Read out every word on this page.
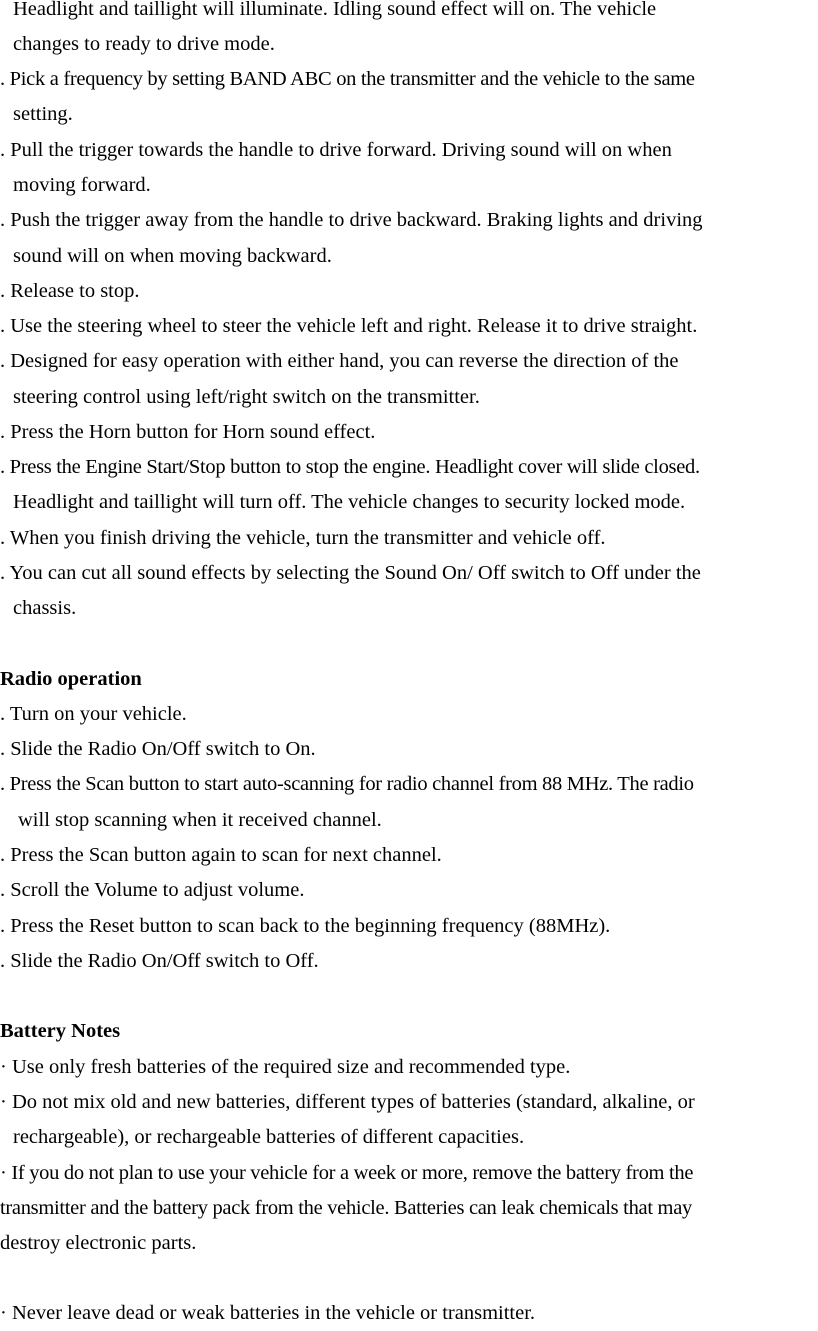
Headlight and taillight will illuminate. Idling sound effect will on. The vehicle
changes to ready to drive mode.
. Pick a frequency by setting BAND ABC on the transmitter and the vehicle to the same
setting.
. Pull the trigger towards the handle to drive forward. Driving sound will on when
moving forward.
. Push the trigger away from the handle to drive backward. Braking lights and driving
sound will on when moving backward.
. Release to stop.
. Use the steering wheel to steer the vehicle left and right. Release it to drive straight.
. Designed for easy operation with either hand, you can reverse the direction of the
steering control using left/right switch on the transmitter.
. Press the Horn button for Horn sound effect.
. Press the Engine Start/Stop button to stop the engine. Headlight cover will slide closed.
Headlight and taillight will turn off. The vehicle changes to security locked mode.
. When you finish driving the vehicle, turn the transmitter and vehicle off.
. You can cut all sound effects by selecting the Sound On/ Off switch to Off under the
chassis.
Radio operation
. Turn on your vehicle.
. Slide the Radio On/Off switch to On.
. Press the Scan button to start auto-scanning for radio channel from 88 MHz. The radio
will stop scanning when it received channel.
. Press the Scan button again to scan for next channel.
. Scroll the Volume to adjust volume.
. Press the Reset button to scan back to the beginning frequency (88MHz).
. Slide the Radio On/Off switch to Off.
Battery Notes
· Use only fresh batteries of the required size and recommended type.
· Do not mix old and new batteries, different types of batteries (standard, alkaline, or
rechargeable), or rechargeable batteries of different capacities.
· If you do not plan to use your vehicle for a week or more, remove the battery from the
transmitter and the battery pack from the vehicle. Batteries can leak chemicals that may
destroy electronic parts.
· Never leave dead or weak batteries in the vehicle or transmitter.
